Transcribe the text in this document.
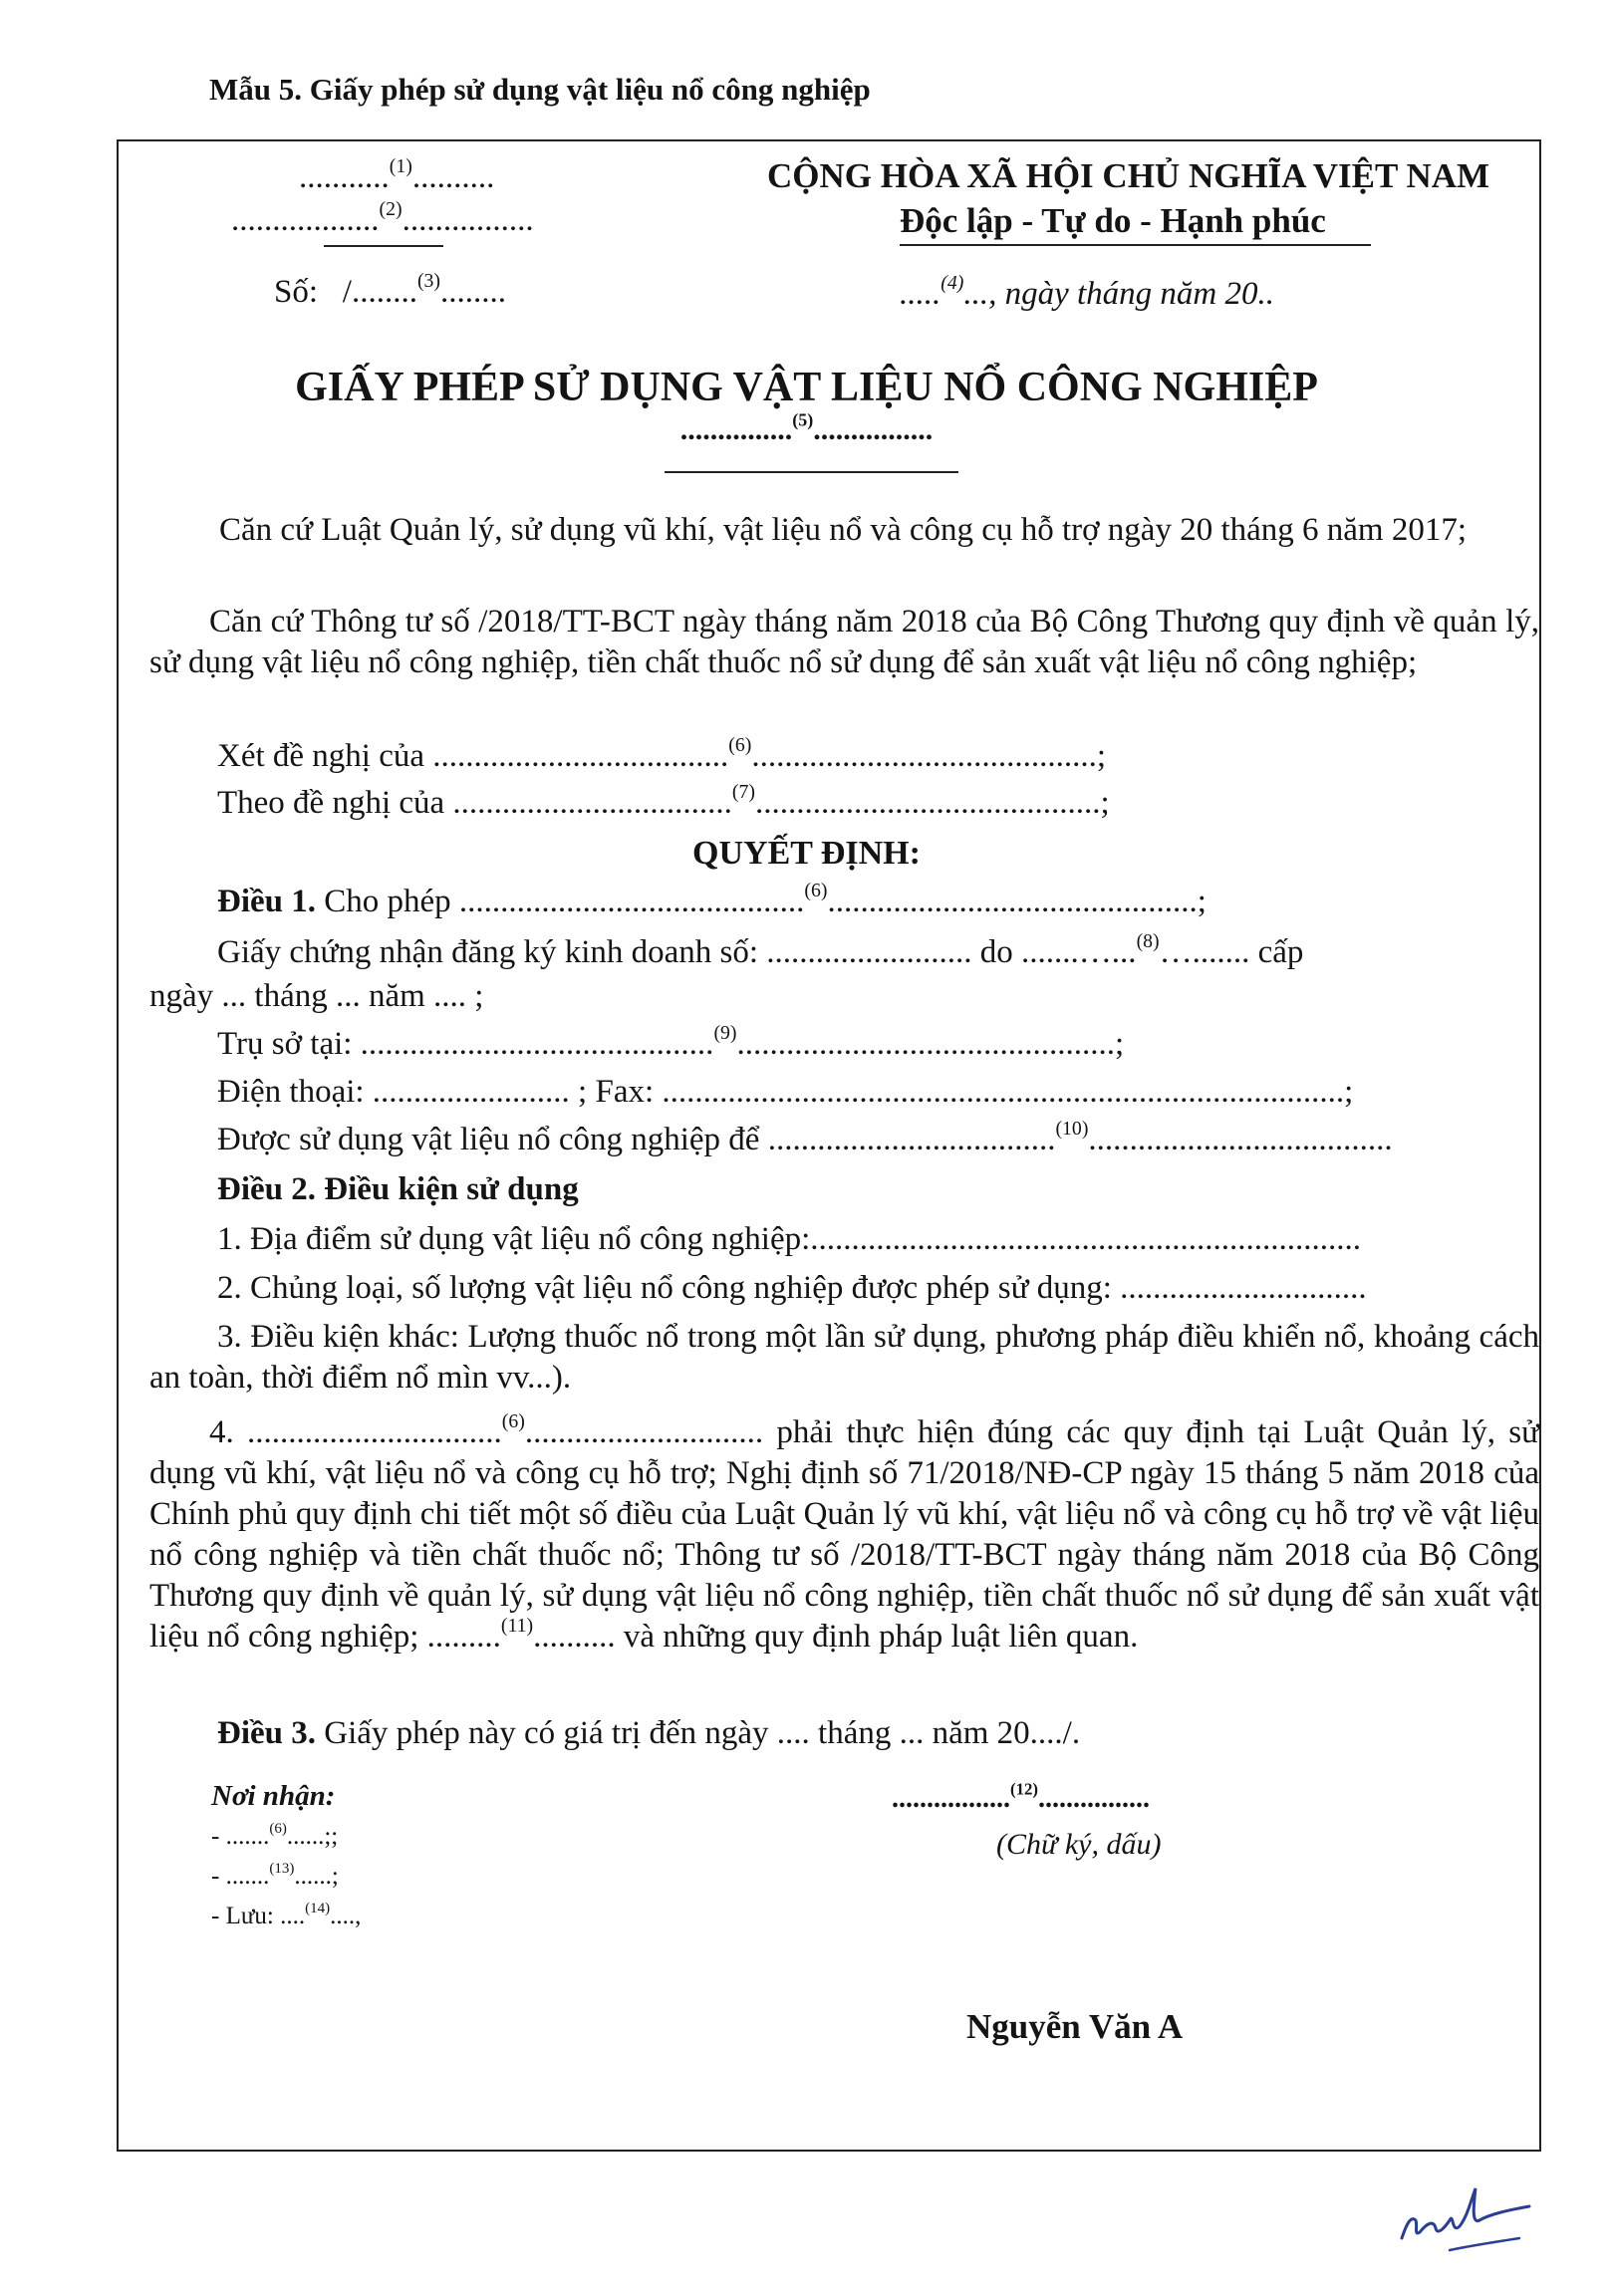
Mẫu 5. Giấy phép sử dụng vật liệu nổ công nghiệp
...........$^{(1)}$..........
..................$^{(2)}$................
Số: /........$^{(3)}$........
CỘNG HÒA XÃ HỘI CHỦ NGHĨA VIỆT NAM
Độc lập - Tự do - Hạnh phúc
.....$^{(4)}$..., ngày tháng năm 20..
GIẤY PHÉP SỬ DỤNG VẬT LIỆU NỔ CÔNG NGHIỆP
...............$^{(5)}$................
Căn cứ Luật Quản lý, sử dụng vũ khí, vật liệu nổ và công cụ hỗ trợ ngày 20 tháng 6 năm 2017;
Căn cứ Thông tư số /2018/TT-BCT ngày tháng năm 2018 của Bộ Công Thương quy định về quản lý, sử dụng vật liệu nổ công nghiệp, tiền chất thuốc nổ sử dụng để sản xuất vật liệu nổ công nghiệp;
Xét đề nghị của ....................................$^{(6)}$..........................................;
Theo đề nghị của ..................................$^{(7)}$..........................................;
QUYẾT ĐỊNH:
Điều 1. Cho phép ..........................................$^{(6)}$.............................................;
Giấy chứng nhận đăng ký kinh doanh số: ......................... do .......…...$^{(8)}$…....... cấp
ngày ... tháng ... năm .... ;
Trụ sở tại: ...........................................$^{(9)}$..............................................;
Điện thoại: ........................ ; Fax: ...................................................................................;
Được sử dụng vật liệu nổ công nghiệp để ...................................$^{(10)}$.....................................
Điều 2. Điều kiện sử dụng
1. Địa điểm sử dụng vật liệu nổ công nghiệp:...................................................................
2. Chủng loại, số lượng vật liệu nổ công nghiệp được phép sử dụng: ..............................
3. Điều kiện khác: Lượng thuốc nổ trong một lần sử dụng, phương pháp điều khiển nổ, khoảng cách an toàn, thời điểm nổ mìn vv...).
4. ...............................$^{(6)}$............................. phải thực hiện đúng các quy định tại Luật Quản lý, sử dụng vũ khí, vật liệu nổ và công cụ hỗ trợ; Nghị định số 71/2018/NĐ-CP ngày 15 tháng 5 năm 2018 của Chính phủ quy định chi tiết một số điều của Luật Quản lý vũ khí, vật liệu nổ và công cụ hỗ trợ về vật liệu nổ công nghiệp và tiền chất thuốc nổ; Thông tư số /2018/TT-BCT ngày tháng năm 2018 của Bộ Công Thương quy định về quản lý, sử dụng vật liệu nổ công nghiệp, tiền chất thuốc nổ sử dụng để sản xuất vật liệu nổ công nghiệp; .........$^{(11)}$.......... và những quy định pháp luật liên quan.
Điều 3. Giấy phép này có giá trị đến ngày .... tháng ... năm 20..../.
Nơi nhận:
- .......$^{(6)}$......;;
- .......$^{(13)}$......;
- Lưu: ....$^{(14)}$....,
.................$^{(12)}$................
(Chữ ký, dấu)
Nguyễn Văn A
